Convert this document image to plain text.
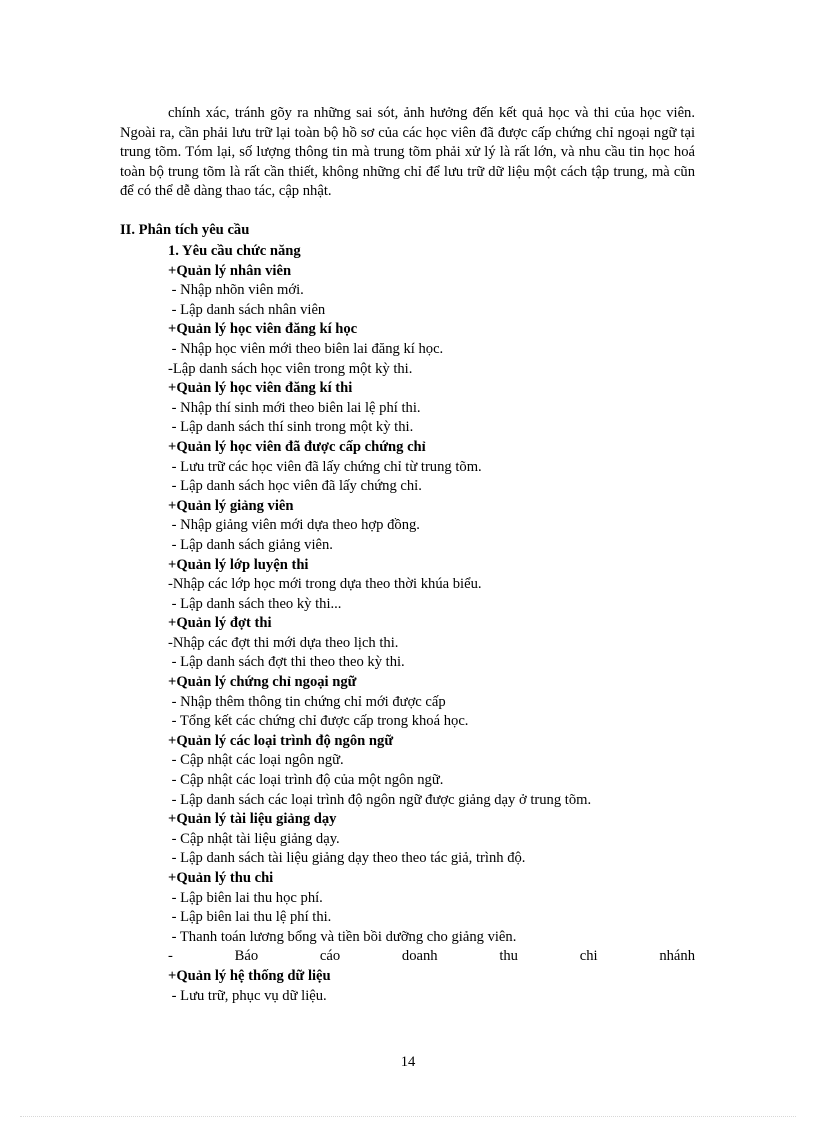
chính xác, tránh gõy ra những sai sót, ảnh hưởng đến kết quả học và thi của học viên. Ngoài ra, cần phải lưu trữ lại toàn bộ hồ sơ của các học viên đã được cấp chứng chỉ ngoại ngữ tại trung tõm. Tóm lại, số lượng thông tin mà trung tõm phải xử lý là rất lớn, và nhu cầu tin học hoá toàn bộ trung tõm là rất cần thiết, không những chỉ để lưu trữ dữ liệu một cách tập trung, mà cũn để có thể dễ dàng thao tác, cập nhật.

II. Phân tích yêu cầu

1. Yêu cầu chức năng
+Quản lý nhân viên
- Nhập nhõn viên mới.
- Lập danh sách nhân viên
+Quản lý học viên đăng kí học
- Nhập học viên mới theo biên lai đăng kí học.
-Lập danh sách học viên trong một kỳ thi.
+Quản lý học viên đăng kí thi
- Nhập thí sinh mới theo biên lai lệ phí thi.
- Lập danh sách thí sinh trong một kỳ thi.
+Quản lý học viên đã được cấp chứng chỉ
- Lưu trữ các học viên đã lấy chứng chỉ từ trung tõm.
- Lập danh sách học viên đã lấy chứng chỉ.
+Quản lý giảng viên
- Nhập giảng viên mới dựa theo hợp đồng.
- Lập danh sách giảng viên.
+Quản lý lớp luyện thi
-Nhập các lớp học mới trong dựa theo thời khúa biểu.
- Lập danh sách theo kỳ thi...
+Quản lý đợt thi
-Nhập các đợt thi mới dựa theo lịch thi.
- Lập danh sách đợt thi theo theo kỳ thi.
+Quản lý chứng chỉ ngoại ngữ
- Nhập thêm thông tin chứng chỉ mới được cấp
- Tổng kết các chứng chỉ được cấp trong khoá học.
+Quản lý các loại trình độ ngôn ngữ
- Cập nhật các loại ngôn ngữ.
- Cập nhật các loại trình độ của một ngôn ngữ.
- Lập danh sách các loại trình độ ngôn ngữ được giảng dạy ở trung tõm.
+Quản lý tài liệu giảng dạy
- Cập nhật tài liệu giảng dạy.
- Lập danh sách tài liệu giảng dạy theo theo tác giả, trình độ.
+Quản lý thu chi
- Lập biên lai thu học phí.
- Lập biên lai thu lệ phí thi.
- Thanh toán lương bổng và tiền bồi dưỡng cho giảng viên.
-	Báo	cáo	doanh	thu	chi	nhánh
+Quản lý hệ thống dữ liệu
- Lưu trữ, phục vụ dữ liệu.

14
